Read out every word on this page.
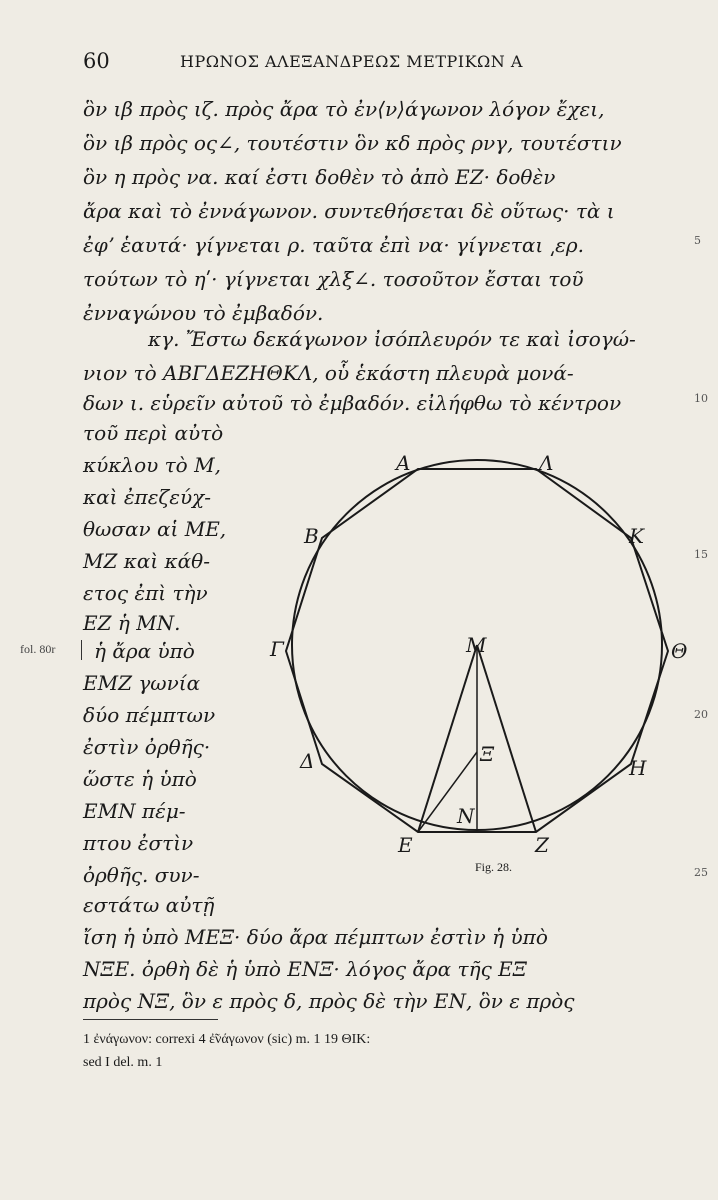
60	ΗΡΩΝΟΣ ΑΛΕΞΑΝΔΡΕΩΣ ΜΕΤΡΙΚΩΝ Α
ὃν ιβ πρὸς ιζ. πρὸς ἄρα τὸ ἐν⟨ν⟩άγωνον λόγον ἔχει,
ὃν ιβ πρὸς ος∠, τουτέστιν ὃν κδ πρὸς ρνγ, τουτέστιν
ὃν η πρὸς να. καί ἐστι δοθὲν τὸ ἀπὸ ΕΖ· δοθὲν
ἄρα καὶ τὸ ἐννάγωνον. συντεθήσεται δὲ οὕτως· τὰ ι
ἐφʼ ἑαυτά· γίγνεται ρ. ταῦτα ἐπὶ να· γίγνεται ͵ερ.
τούτων τὸ ηʹ· γίγνεται χλξ∠. τοσοῦτον ἔσται τοῦ
ἐνναγώνου τὸ ἐμβαδόν.
κγ. Ἔστω δεκάγωνον ἰσόπλευρόν τε καὶ ἰσογώ-
νιον τὸ ΑΒΓΔΕΖΗΘΚΛ, οὗ ἑκάστη πλευρὰ μονά-
δων ι. εὑρεῖν αὐτοῦ τὸ ἐμβαδόν. εἰλήφθω τὸ κέντρον
τοῦ περὶ αὐτὸ
κύκλου τὸ Μ,
καὶ ἐπεζεύχ-
θωσαν αἱ ΜΕ,
ΜΖ καὶ κάθ-
ετος ἐπὶ τὴν
ΕΖ ἡ ΜΝ.
ἡ ἄρα ὑπὸ
ΕΜΖ γωνία
δύο πέμπτων
ἐστὶν ὀρθῆς·
ὥστε ἡ ὑπὸ
ΕΜΝ πέμ-
πτου ἐστὶν
ὀρθῆς. συν-
εστάτω αὐτῇ
ἴση ἡ ὑπὸ ΜΕΞ· δύο ἄρα πέμπτων ἐστὶν ἡ ὑπὸ
ΝΞΕ. ὀρθὴ δὲ ἡ ὑπὸ ΕΝΞ· λόγος ἄρα τῆς ΕΞ
πρὸς ΝΞ, ὃν ε πρὸς δ, πρὸς δὲ τὴν ΕΝ, ὃν ε πρὸς
5
10
15
20
25
fol. 80r
Α	Λ
Β	Κ
Γ	Θ
Δ	Η
Ε	Ζ
Μ
Ξ
Ν
Fig. 28.
1 ἐνάγωνον: correxi 4 ἐ̃νάγωνον (sic) m. 1 19 ΘΙΚ:
sed Ι del. m. 1
